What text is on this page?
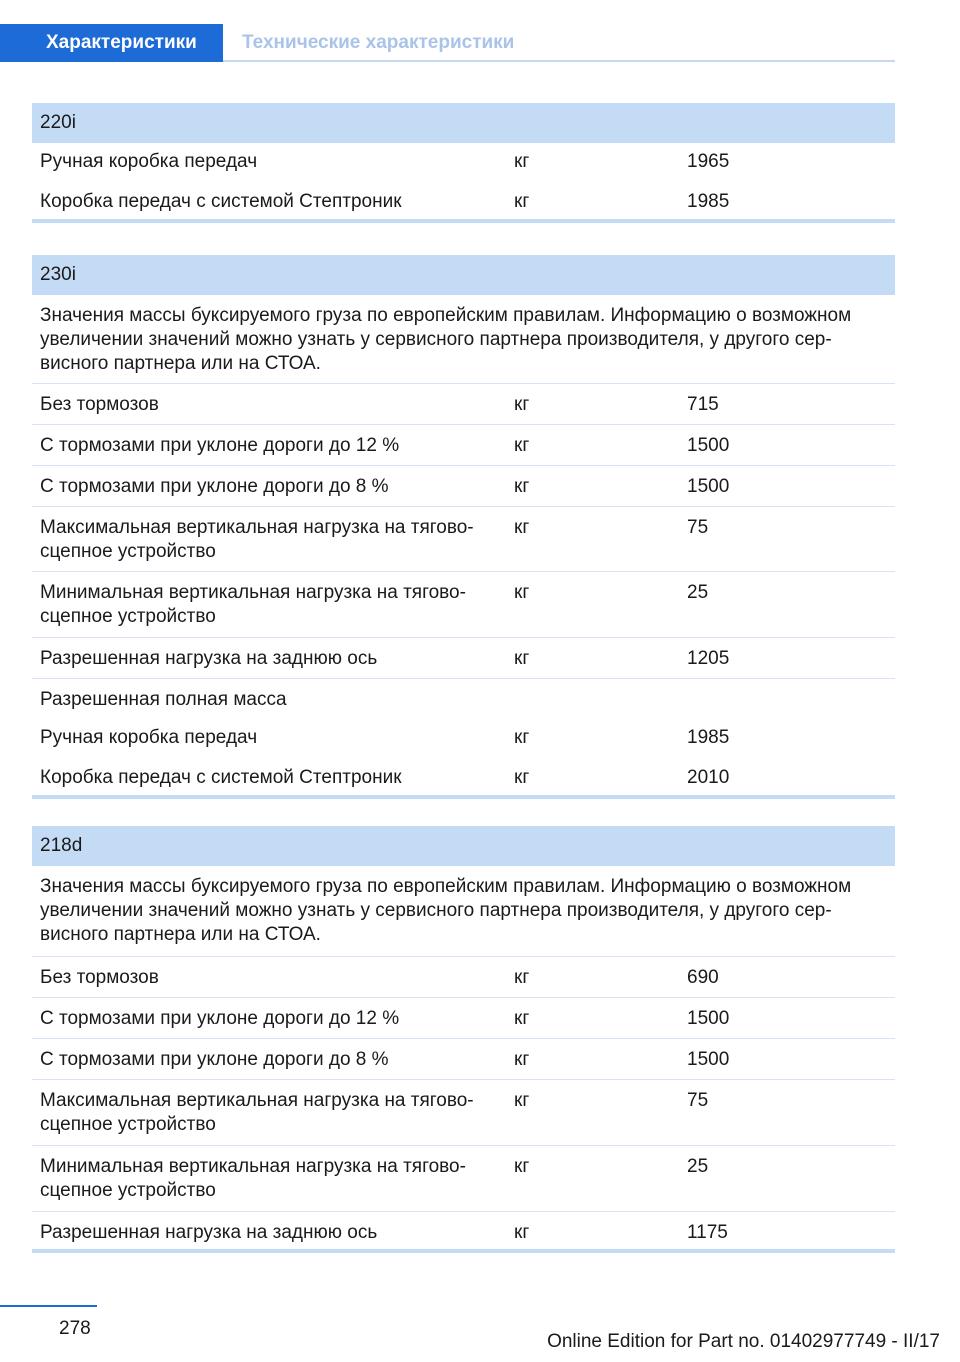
Характеристики	Технические характеристики
220i
Ручная коробка передач	кг	1965
Коробка передач с системой Стептроник	кг	1985
230i
Значения массы буксируемого груза по европейским правилам. Информацию о возможном
увеличении значений можно узнать у сервисного партнера производителя, у другого сер-
висного партнера или на СТОА.
Без тормозов	кг	715
С тормозами при уклоне дороги до 12 %	кг	1500
С тормозами при уклоне дороги до 8 %	кг	1500
Максимальная вертикальная нагрузка на тягово-
сцепное устройство
кг	75
Минимальная вертикальная нагрузка на тягово-
сцепное устройство
кг	25
Разрешенная нагрузка на заднюю ось	кг	1205
Разрешенная полная масса
Ручная коробка передач	кг	1985
Коробка передач с системой Стептроник	кг	2010
218d
Значения массы буксируемого груза по европейским правилам. Информацию о возможном
увеличении значений можно узнать у сервисного партнера производителя, у другого сер-
висного партнера или на СТОА.
Без тормозов	кг	690
С тормозами при уклоне дороги до 12 %	кг	1500
С тормозами при уклоне дороги до 8 %	кг	1500
Максимальная вертикальная нагрузка на тягово-
сцепное устройство
кг	75
Минимальная вертикальная нагрузка на тягово-
сцепное устройство
кг	25
Разрешенная нагрузка на заднюю ось	кг	1175
278
Online Edition for Part no. 01402977749 - II/17
